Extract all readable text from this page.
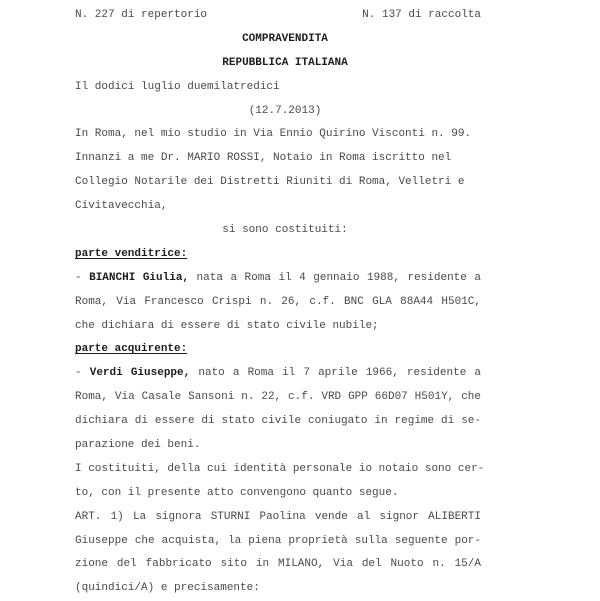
N. 227 di repertorio	N. 137 di raccolta
COMPRAVENDITA
REPUBBLICA ITALIANA
Il dodici luglio duemilatredici
(12.7.2013)
In Roma, nel mio studio in Via Ennio Quirino Visconti n. 99.
Innanzi a me Dr. MARIO ROSSI, Notaio in Roma iscritto nel
Collegio Notarile dei Distretti Riuniti di Roma, Velletri e
Civitavecchia,
si sono costituiti:
parte venditrice:
- BIANCHI Giulia, nata a Roma il 4 gennaio 1988, residente a
Roma, Via Francesco Crispi n. 26, c.f. BNC GLA 88A44 H501C,
che dichiara di essere di stato civile nubile;
parte acquirente:
- Verdi Giuseppe, nato a Roma il 7 aprile 1966, residente a
Roma, Via Casale Sansoni n. 22, c.f. VRD GPP 66D07 H501Y, che
dichiara di essere di stato civile coniugato in regime di se-
parazione dei beni.
I costituiti, della cui identità personale io notaio sono cer-
to, con il presente atto convengono quanto segue.
ART. 1) La signora STURNI Paolina vende al signor ALIBERTI
Giuseppe che acquista, la piena proprietà sulla seguente por-
zione del fabbricato sito in MILANO, Via del Nuoto n. 15/A
(quindici/A) e precisamente:
